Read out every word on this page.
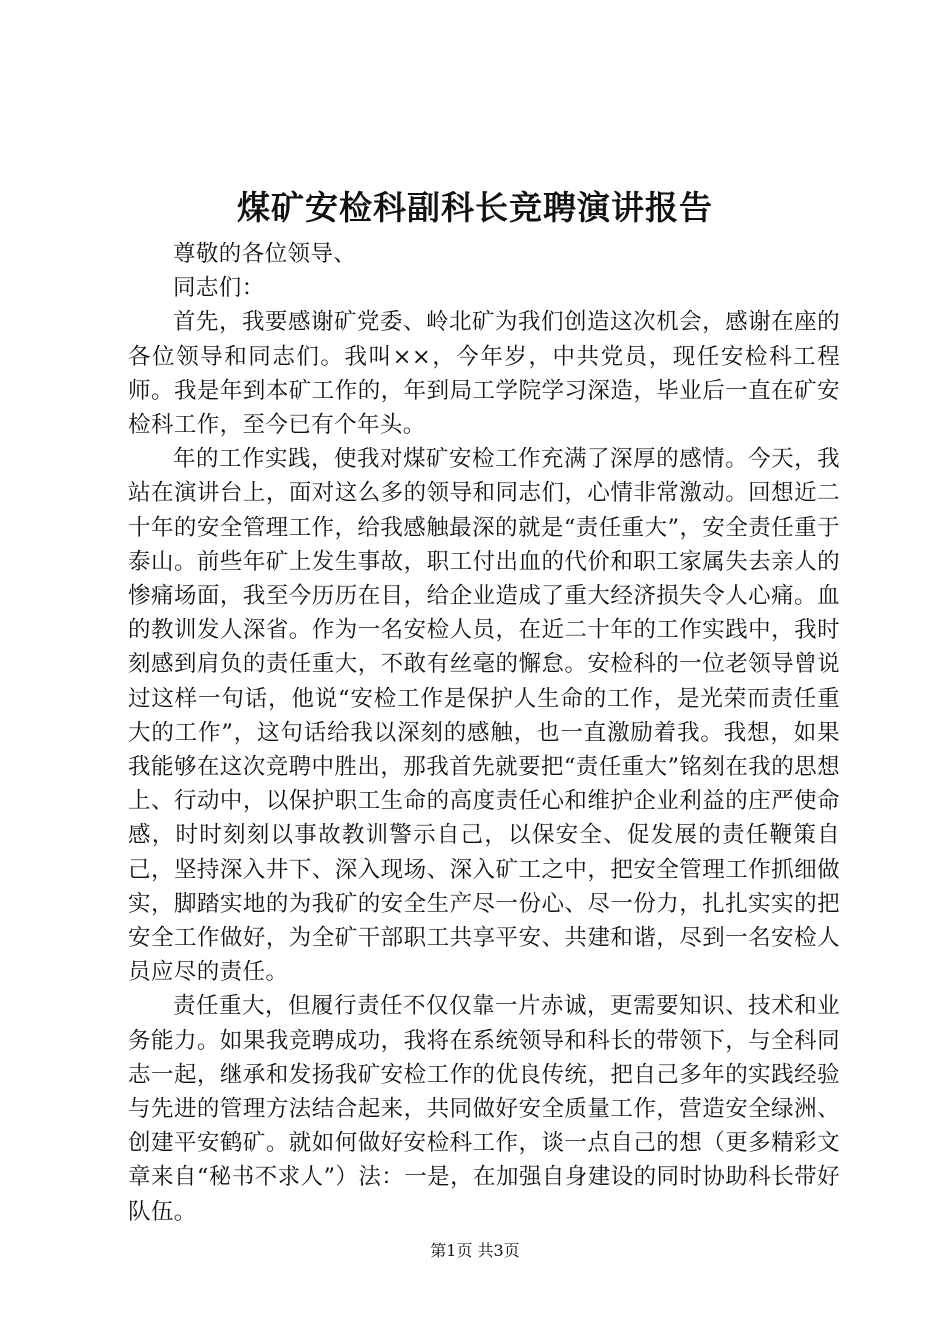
煤矿安检科副科长竞聘演讲报告

尊敬的各位领导、

同志们：

首先，我要感谢矿党委、岭北矿为我们创造这次机会，感谢在座的各位领导和同志们。我叫××，今年岁，中共党员，现任安检科工程师。我是年到本矿工作的，年到局工学院学习深造，毕业后一直在矿安检科工作，至今已有个年头。

年的工作实践，使我对煤矿安检工作充满了深厚的感情。今天，我站在演讲台上，面对这么多的领导和同志们，心情非常激动。回想近二十年的安全管理工作，给我感触最深的就是“责任重大”，安全责任重于泰山。前些年矿上发生事故，职工付出血的代价和职工家属失去亲人的惨痛场面，我至今历历在目，给企业造成了重大经济损失令人心痛。血的教训发人深省。作为一名安检人员，在近二十年的工作实践中，我时刻感到肩负的责任重大，不敢有丝毫的懈怠。安检科的一位老领导曾说过这样一句话，他说“安检工作是保护人生命的工作，是光荣而责任重大的工作”，这句话给我以深刻的感触，也一直激励着我。我想，如果我能够在这次竞聘中胜出，那我首先就要把“责任重大”铭刻在我的思想上、行动中，以保护职工生命的高度责任心和维护企业利益的庄严使命感，时时刻刻以事故教训警示自己，以保安全、促发展的责任鞭策自己，坚持深入井下、深入现场、深入矿工之中，把安全管理工作抓细做实，脚踏实地的为我矿的安全生产尽一份心、尽一份力，扎扎实实的把安全工作做好，为全矿干部职工共享平安、共建和谐，尽到一名安检人员应尽的责任。

责任重大，但履行责任不仅仅靠一片赤诚，更需要知识、技术和业务能力。如果我竞聘成功，我将在系统领导和科长的带领下，与全科同志一起，继承和发扬我矿安检工作的优良传统，把自己多年的实践经验与先进的管理方法结合起来，共同做好安全质量工作，营造安全绿洲、创建平安鹤矿。就如何做好安检科工作，谈一点自己的想（更多精彩文章来自“秘书不求人”）法：一是，在加强自身建设的同时协助科长带好队伍。

第1页 共3页
